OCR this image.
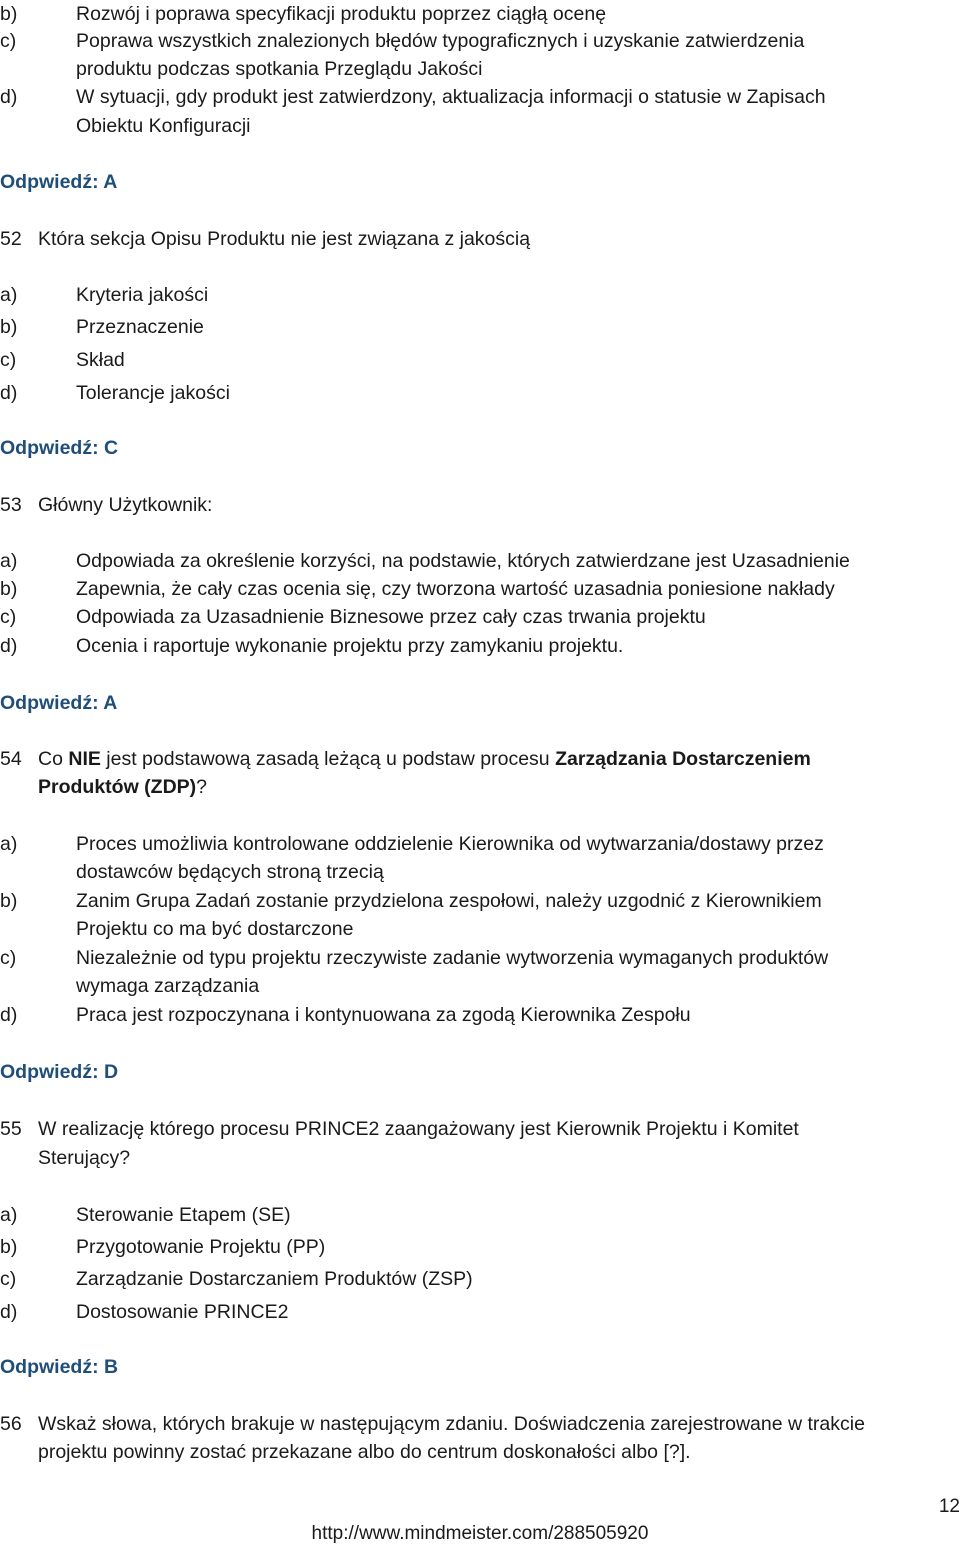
b)	Rozwój i poprawa specyfikacji produktu poprzez ciągłą ocenę
c)	Poprawa wszystkich znalezionych błędów typograficznych i uzyskanie zatwierdzenia
produktu podczas spotkania Przeglądu Jakości
d)	W sytuacji, gdy produkt jest zatwierdzony, aktualizacja informacji o statusie w Zapisach
Obiektu Konfiguracji
Odpwiedź: A
52 Która sekcja Opisu Produktu nie jest związana z jakością
a)	Kryteria jakości
b)	Przeznaczenie
c)	Skład
d)	Tolerancje jakości
Odpwiedź: C
53 Główny Użytkownik:
a)	Odpowiada za określenie korzyści, na podstawie, których zatwierdzane jest Uzasadnienie
b)	Zapewnia, że cały czas ocenia się, czy tworzona wartość uzasadnia poniesione nakłady
c)	Odpowiada za Uzasadnienie Biznesowe przez cały czas trwania projektu
d)	Ocenia i raportuje wykonanie projektu przy zamykaniu projektu.
Odpwiedź: A
54 Co NIE jest podstawową zasadą leżącą u podstaw procesu Zarządzania Dostarczeniem
Produktów (ZDP)?
a)	Proces umożliwia kontrolowane oddzielenie Kierownika od wytwarzania/dostawy przez
dostawców będących stroną trzecią
b)	Zanim Grupa Zadań zostanie przydzielona zespołowi, należy uzgodnić z Kierownikiem
Projektu co ma być dostarczone
c)	Niezależnie od typu projektu rzeczywiste zadanie wytworzenia wymaganych produktów
wymaga zarządzania
d)	Praca jest rozpoczynana i kontynuowana za zgodą Kierownika Zespołu
Odpwiedź: D
55 W realizację którego procesu PRINCE2 zaangażowany jest Kierownik Projektu i Komitet
Sterujący?
a)	Sterowanie Etapem (SE)
b)	Przygotowanie Projektu (PP)
c)	Zarządzanie Dostarczaniem Produktów (ZSP)
d)	Dostosowanie PRINCE2
Odpwiedź: B
56 Wskaż słowa, których brakuje w następującym zdaniu. Doświadczenia zarejestrowane w trakcie
projektu powinny zostać przekazane albo do centrum doskonałości albo [?].
12
http://www.mindmeister.com/288505920
